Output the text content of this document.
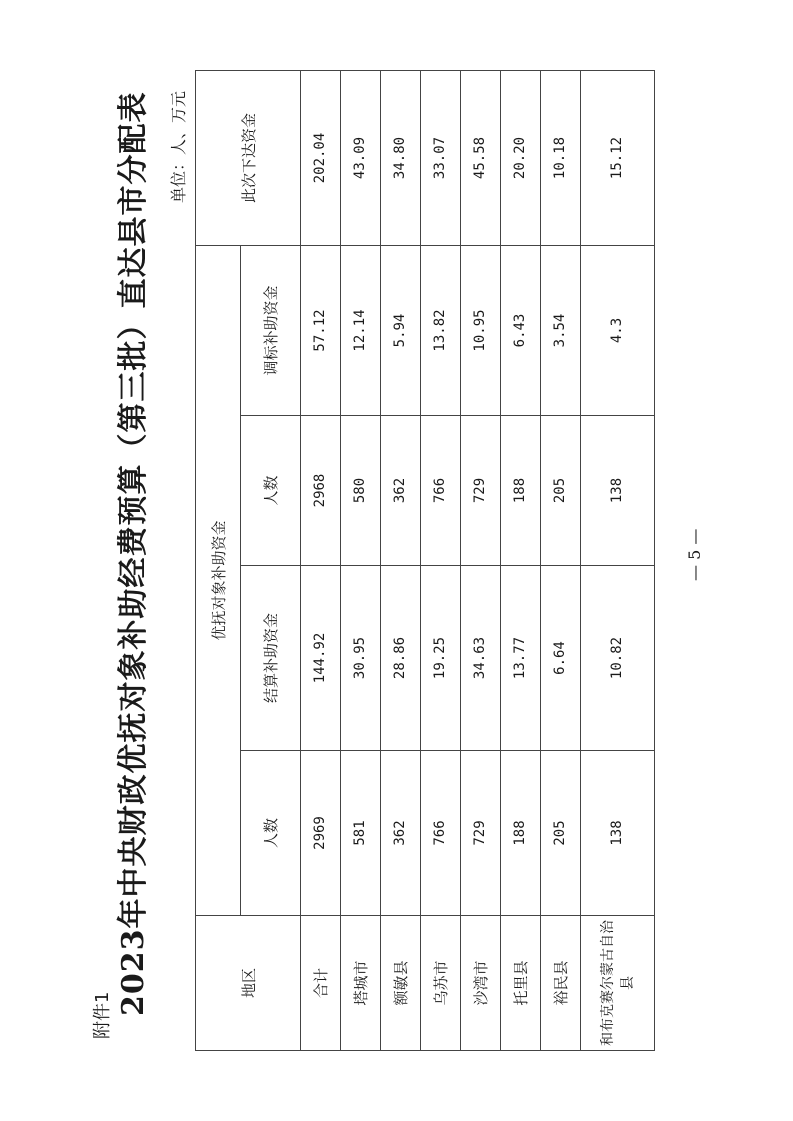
附件1 2023年中央财政优抚对象补助经费预算（第三批）直达县市分配表 单位：人、万元
地区	优抚对象补助资金				此次下达资金
	人数	结算补助资金	人数	调标补助资金	
合计	2969	144.92	2968	57.12	202.04
塔城市	581	30.95	580	12.14	43.09
额敏县	362	28.86	362	5.94	34.80
乌苏市	766	19.25	766	13.82	33.07
沙湾市	729	34.63	729	10.95	45.58
托里县	188	13.77	188	6.43	20.20
裕民县	205	6.64	205	3.54	10.18
和布克赛尔蒙古自治县	138	10.82	138	4.3	15.12
— 5 —
